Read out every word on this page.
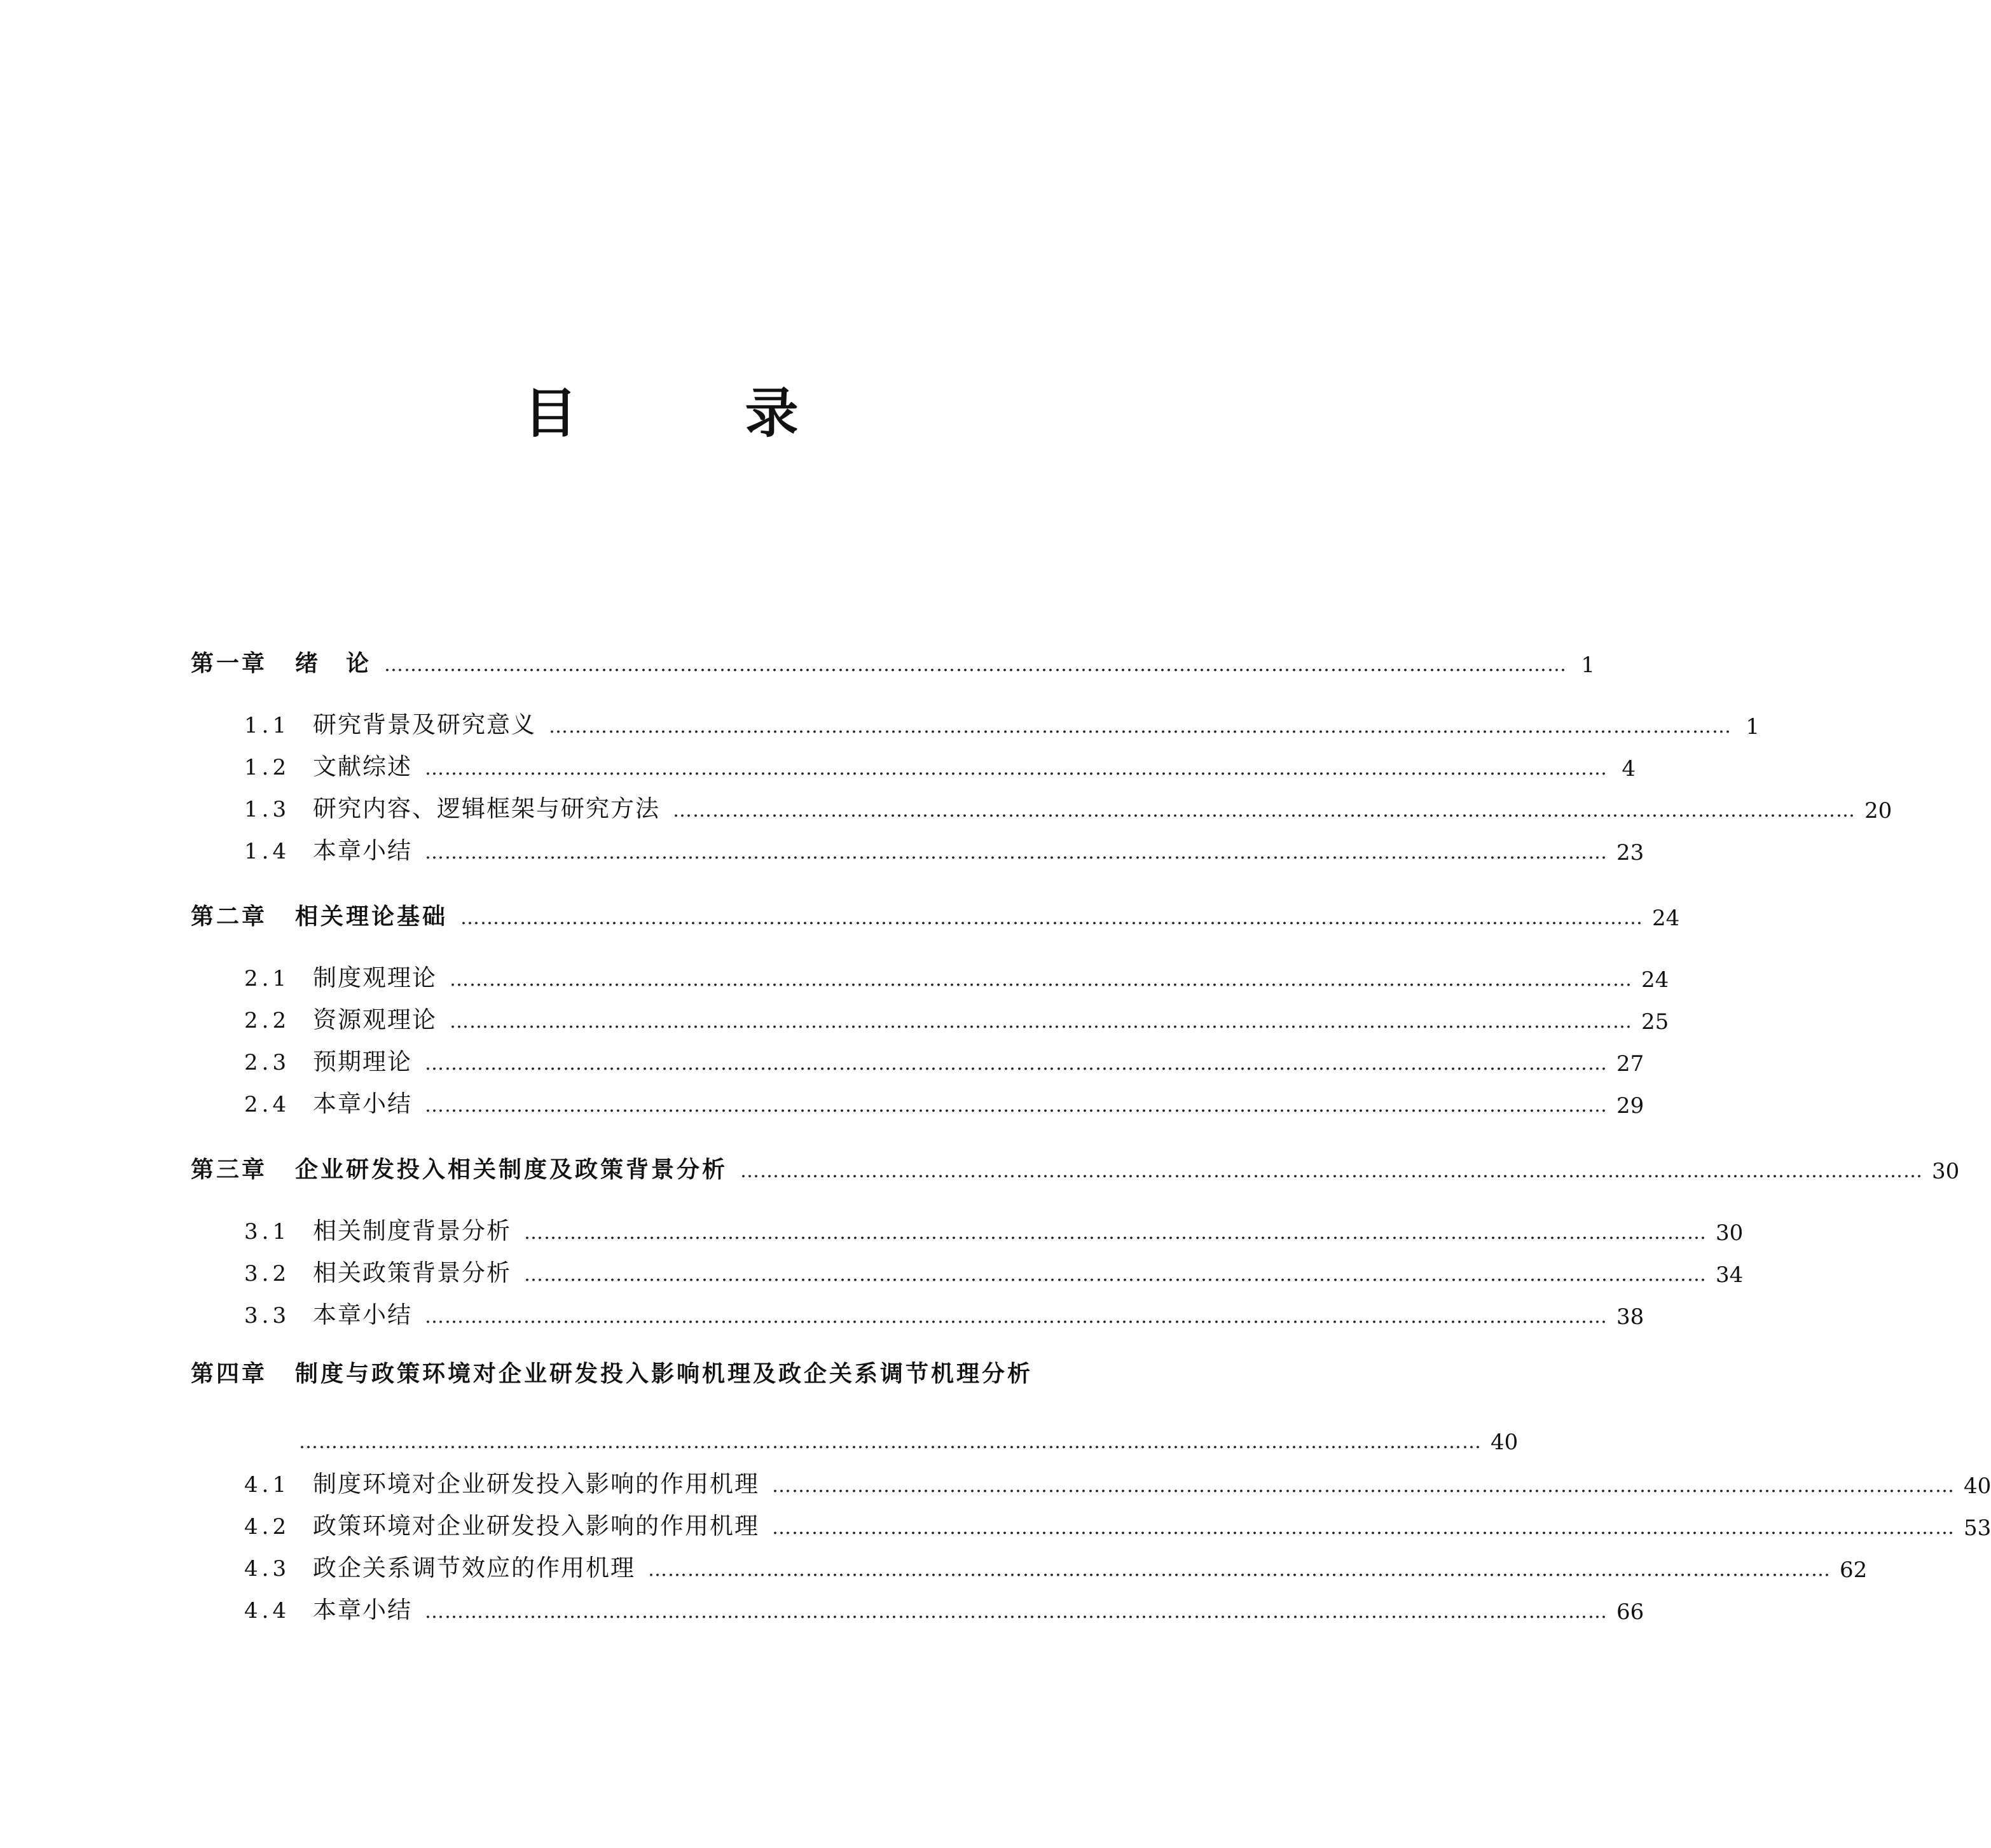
目　录
第一章 绪　论 ……………………………………………………………………………………………………………………………………………………………… 1
1.1 研究背景及研究意义 ……………………………………………………………………………………………………………………………………………………………… 1
1.2 文献综述 ……………………………………………………………………………………………………………………………………………………………… 4
1.3 研究内容、逻辑框架与研究方法 ……………………………………………………………………………………………………………………………………………………………… 20
1.4 本章小结 ……………………………………………………………………………………………………………………………………………………………… 23
第二章 相关理论基础 ……………………………………………………………………………………………………………………………………………………………… 24
2.1 制度观理论 ……………………………………………………………………………………………………………………………………………………………… 24
2.2 资源观理论 ……………………………………………………………………………………………………………………………………………………………… 25
2.3 预期理论 ……………………………………………………………………………………………………………………………………………………………… 27
2.4 本章小结 ……………………………………………………………………………………………………………………………………………………………… 29
第三章 企业研发投入相关制度及政策背景分析 ……………………………………………………………………………………………………………………………………………………………… 30
3.1 相关制度背景分析 ……………………………………………………………………………………………………………………………………………………………… 30
3.2 相关政策背景分析 ……………………………………………………………………………………………………………………………………………………………… 34
3.3 本章小结 ……………………………………………………………………………………………………………………………………………………………… 38
第四章 制度与政策环境对企业研发投入影响机理及政企关系调节机理分析
……………………………………………………………………………………………………………………………………………………………… 40
4.1 制度环境对企业研发投入影响的作用机理 ……………………………………………………………………………………………………………………………………………………………… 40
4.2 政策环境对企业研发投入影响的作用机理 ……………………………………………………………………………………………………………………………………………………………… 53
4.3 政企关系调节效应的作用机理 ……………………………………………………………………………………………………………………………………………………………… 62
4.4 本章小结 ……………………………………………………………………………………………………………………………………………………………… 66
